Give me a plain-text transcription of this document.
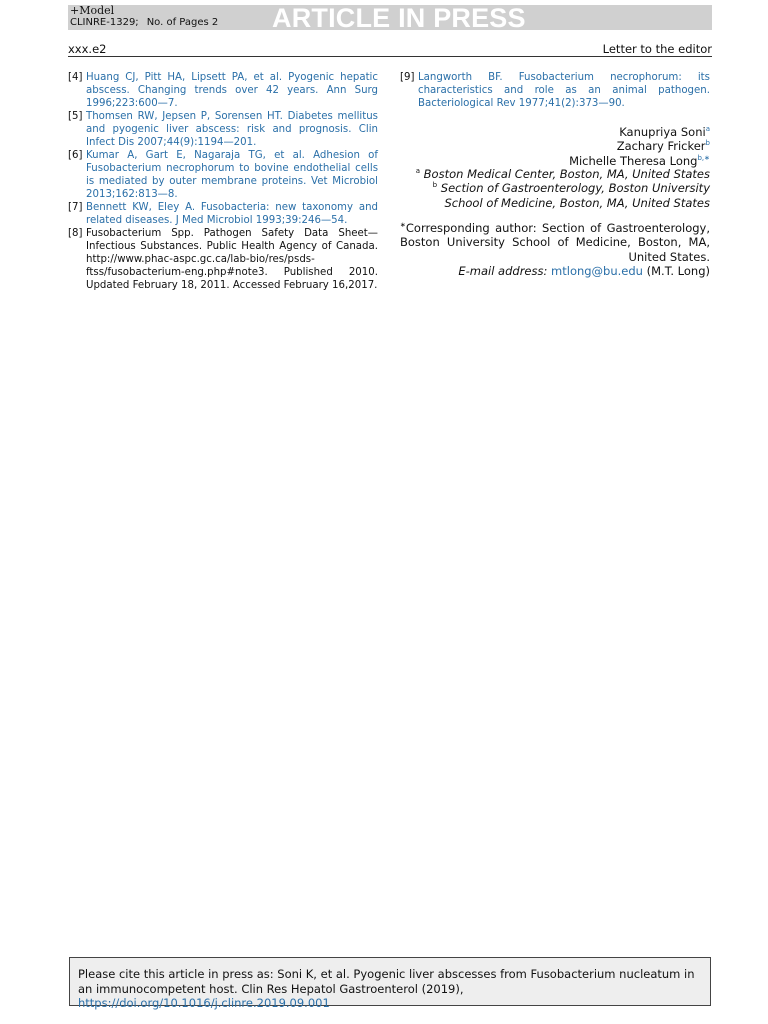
+Model
CLINRE-1329; No. of Pages 2 ARTICLE IN PRESS
xxx.e2	Letter to the editor
[4] Huang CJ, Pitt HA, Lipsett PA, et al. Pyogenic hepatic abscess. Changing trends over 42 years. Ann Surg 1996;223:600—7.
[5] Thomsen RW, Jepsen P, Sorensen HT. Diabetes mellitus and pyogenic liver abscess: risk and prognosis. Clin Infect Dis 2007;44(9):1194—201.
[6] Kumar A, Gart E, Nagaraja TG, et al. Adhesion of Fusobacterium necrophorum to bovine endothelial cells is mediated by outer membrane proteins. Vet Microbiol 2013;162:813—8.
[7] Bennett KW, Eley A. Fusobacteria: new taxonomy and related diseases. J Med Microbiol 1993;39:246—54.
[8] Fusobacterium Spp. Pathogen Safety Data Sheet—Infectious Substances. Public Health Agency of Canada. http://www.phac-aspc.gc.ca/lab-bio/res/psds-ftss/fusobacterium-eng.php#note3. Published 2010. Updated February 18, 2011. Accessed February 16,2017.
[9] Langworth BF. Fusobacterium necrophorum: its characteristics and role as an animal pathogen. Bacteriological Rev 1977;41(2):373—90.
Kanupriya Soni$^a$
Zachary Fricker$^b$
Michelle Theresa Long$^{b,∗}$
$^a$ Boston Medical Center, Boston, MA, United States
$^b$ Section of Gastroenterology, Boston University School of Medicine, Boston, MA, United States
∗Corresponding author: Section of Gastroenterology, Boston University School of Medicine, Boston, MA, United States.
E-mail address: mtlong@bu.edu (M.T. Long)
Please cite this article in press as: Soni K, et al. Pyogenic liver abscesses from Fusobacterium nucleatum in an immunocompetent host. Clin Res Hepatol Gastroenterol (2019), https://doi.org/10.1016/j.clinre.2019.09.001
